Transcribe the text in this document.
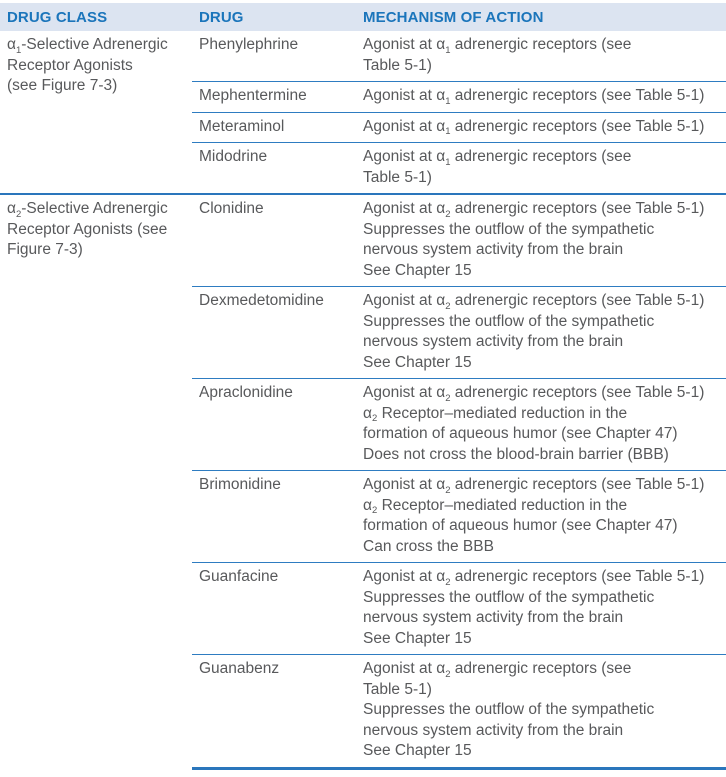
DRUG CLASS	DRUG	MECHANISM OF ACTION
α1-Selective Adrenergic
Receptor Agonists
(see Figure 7-3)
Phenylephrine	Agonist at α1 adrenergic receptors (see
Table 5-1)
Mephentermine	Agonist at α1 adrenergic receptors (see Table 5-1)
Meteraminol	Agonist at α1 adrenergic receptors (see Table 5-1)
Midodrine	Agonist at α1 adrenergic receptors (see
Table 5-1)
α2-Selective Adrenergic
Receptor Agonists (see
Figure 7-3)
Clonidine	Agonist at α2 adrenergic receptors (see Table 5-1)
Suppresses the outflow of the sympathetic
nervous system activity from the brain
See Chapter 15
Dexmedetomidine	Agonist at α2 adrenergic receptors (see Table 5-1)
Suppresses the outflow of the sympathetic
nervous system activity from the brain
See Chapter 15
Apraclonidine	Agonist at α2 adrenergic receptors (see Table 5-1)
α2 Receptor–mediated reduction in the
formation of aqueous humor (see Chapter 47)
Does not cross the blood-brain barrier (BBB)
Brimonidine	Agonist at α2 adrenergic receptors (see Table 5-1)
α2 Receptor–mediated reduction in the
formation of aqueous humor (see Chapter 47)
Can cross the BBB
Guanfacine	Agonist at α2 adrenergic receptors (see Table 5-1)
Suppresses the outflow of the sympathetic
nervous system activity from the brain
See Chapter 15
Guanabenz	Agonist at α2 adrenergic receptors (see
Table 5-1)
Suppresses the outflow of the sympathetic
nervous system activity from the brain
See Chapter 15
